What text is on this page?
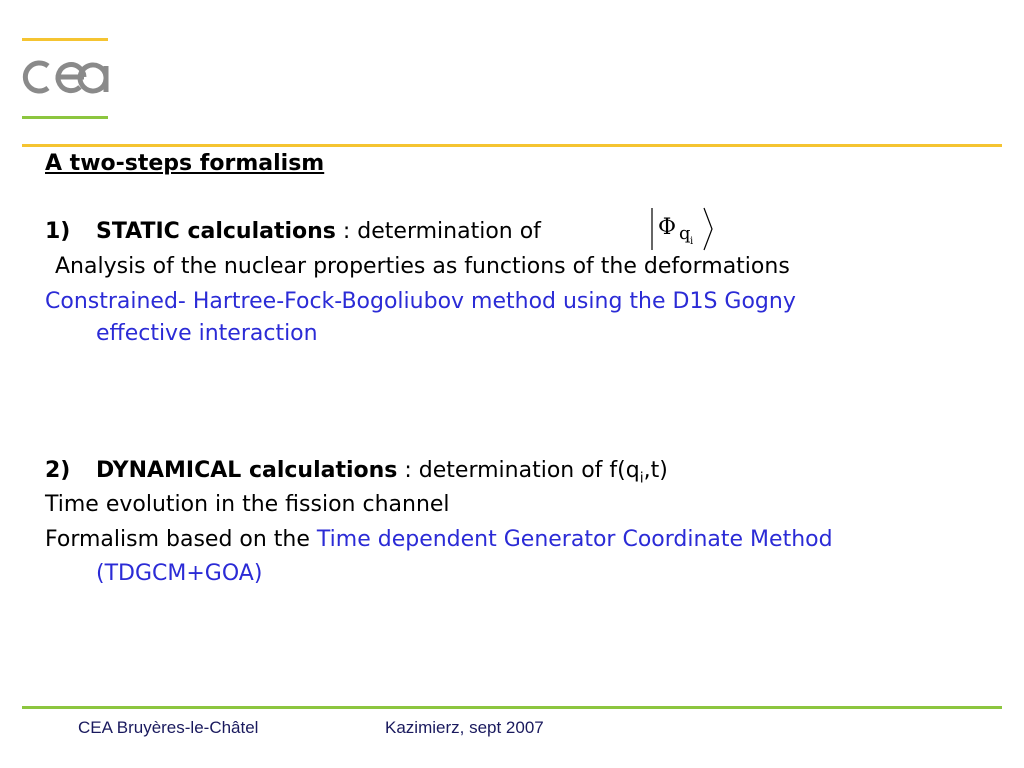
A two-steps formalism
1) STATIC calculations : determination of	Φ q i
Analysis of the nuclear properties as functions of the deformations
Constrained- Hartree-Fock-Bogoliubov method using the D1S Gogny
effective interaction
2) DYNAMICAL calculations : determination of $f(q_i,t)$
Time evolution in the fission channel
Formalism based on the Time dependent Generator Coordinate Method
(TDGCM+GOA)
CEA Bruyères-le-Châtel	Kazimierz, sept 2007
